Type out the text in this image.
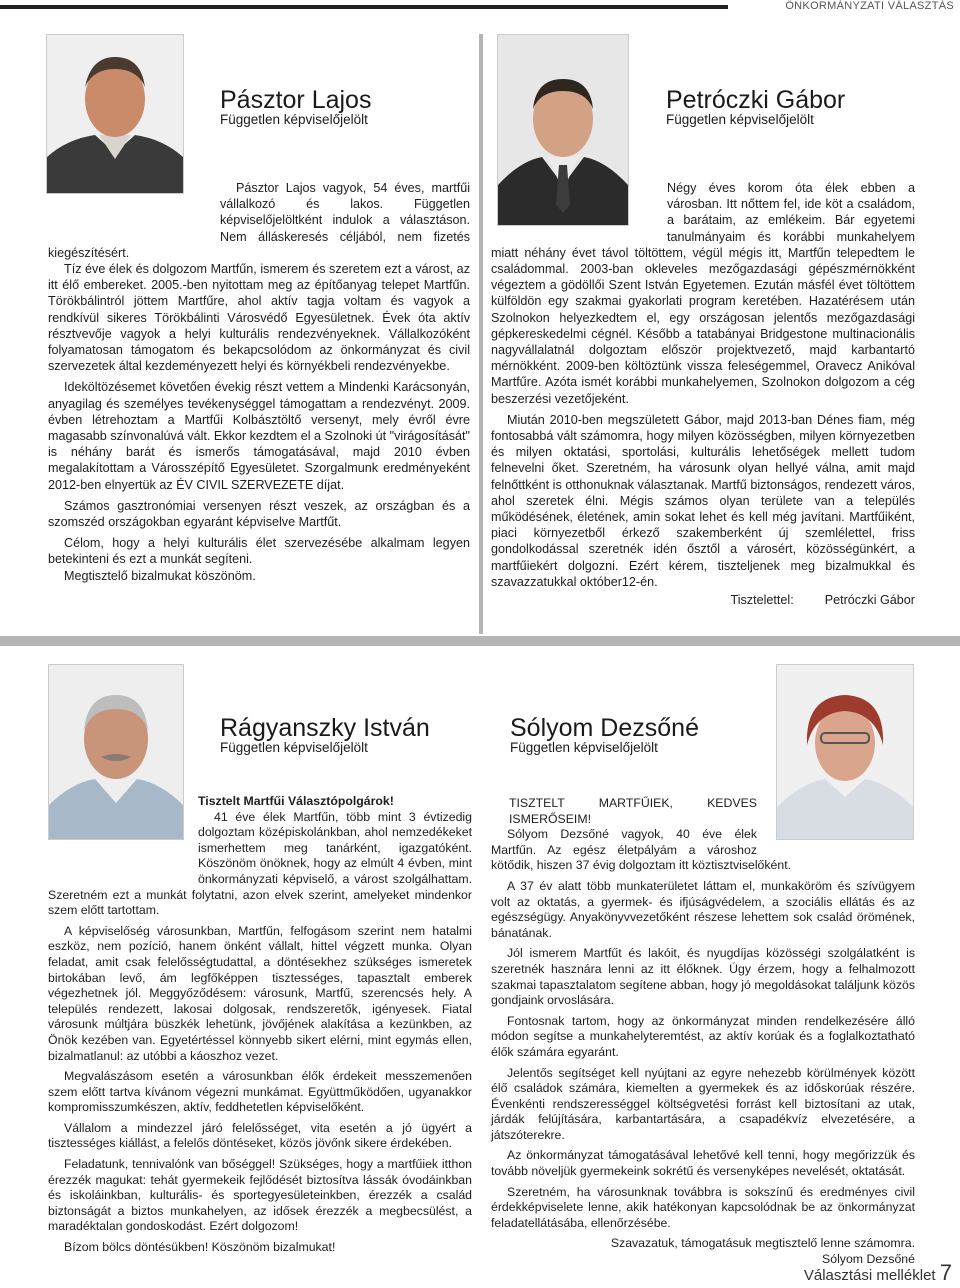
ÖNKORMÁNYZATI VÁLASZTÁS
Pásztor Lajos
Független képviselőjelölt

Pásztor Lajos vagyok, 54 éves, martfűi vállalkozó és lakos. Független képviselőjelöltként indulok a választáson. Nem álláskeresés céljából, nem fizetés kiegészítésért.

Tíz éve élek és dolgozom Martfűn, ismerem és szeretem ezt a várost, az itt élő embereket. 2005.-ben nyitottam meg az építőanyag telepet Martfűn. Törökbálintról jöttem Martfűre, ahol aktív tagja voltam és vagyok a rendkívül sikeres Törökbálinti Városvédő Egyesületnek. Évek óta aktív résztvevője vagyok a helyi kulturális rendezvényeknek. Vállalkozóként folyamatosan támogatom és bekapcsolódom az önkormányzat és civil szervezetek által kezdeményezett helyi és környékbeli rendezvényekbe.

Ideköltözésemet követően évekig részt vettem a Mindenki Karácsonyán, anyagilag és személyes tevékenységgel támogattam a rendezvényt. 2009. évben létrehoztam a Martfűi Kolbásztöltő versenyt, mely évről évre magasabb színvonalúvá vált. Ekkor kezdtem el a Szolnoki út "virágosítását" is néhány barát és ismerős támogatásával, majd 2010 évben megalakítottam a Városszépítő Egyesületet. Szorgalmunk eredményeként 2012-ben elnyertük az ÉV CIVIL SZERVEZETE díjat.

Számos gasztronómiai versenyen részt veszek, az országban és a szomszéd országokban egyaránt képviselve Martfűt.

Célom, hogy a helyi kulturális élet szervezésébe alkalmam legyen betekinteni és ezt a munkát segíteni.

Megtisztelő bizalmukat köszönöm.

Petróczki Gábor
Független képviselőjelölt

Négy éves korom óta élek ebben a városban. Itt nőttem fel, ide köt a családom, a barátaim, az emlékeim. Bár egyetemi tanulmányaim és korábbi munkahelyem miatt néhány évet távol töltöttem, végül mégis itt, Martfűn telepedtem le családommal. 2003-ban okleveles mezőgazdasági gépészmérnökként végeztem a gödöllői Szent István Egyetemen. Ezután másfél évet töltöttem külföldön egy szakmai gyakorlati program keretében. Hazatérésem után Szolnokon helyezkedtem el, egy országosan jelentős mezőgazdasági gépkereskedelmi cégnél. Később a tatabányai Bridgestone multinacionális nagyvállalatnál dolgoztam először projektvezető, majd karbantartó mérnökként. 2009-ben költöztünk vissza feleségemmel, Oravecz Anikóval Martfűre. Azóta ismét korábbi munkahelyemen, Szolnokon dolgozom a cég beszerzési vezetőjeként.

Miután 2010-ben megszületett Gábor, majd 2013-ban Dénes fiam, még fontosabbá vált számomra, hogy milyen közösségben, milyen környezetben és milyen oktatási, sportolási, kulturális lehetőségek mellett tudom felnevelni őket. Szeretném, ha városunk olyan hellyé válna, amit majd felnőttként is otthonuknak választanak. Martfű biztonságos, rendezett város, ahol szeretek élni. Mégis számos olyan területe van a település működésének, életének, amin sokat lehet és kell még javítani. Martfűiként, piaci környezetből érkező szakemberként új szemlélettel, friss gondolkodással szeretnék idén ősztől a városért, közösségünkért, a martfűiekért dolgozni. Ezért kérem, tiszteljenek meg bizalmukkal és szavazzatukkal október12-én.

Tisztelettel: Petróczki Gábor
Rágyanszky István
Független képviselőjelölt

Tisztelt Martfűi Választópolgárok!

41 éve élek Martfűn, több mint 3 évtizedig dolgoztam középiskolánkban, ahol nemzedékeket ismerhettem meg tanárként, igazgatóként. Köszönöm önöknek, hogy az elmúlt 4 évben, mint önkormányzati képviselő, a várost szolgálhattam. Szeretném ezt a munkát folytatni, azon elvek szerint, amelyeket mindenkor szem előtt tartottam.

A képviselőség városunkban, Martfűn, felfogásom szerint nem hatalmi eszköz, nem pozíció, hanem önként vállalt, hittel végzett munka. Olyan feladat, amit csak felelősségtudattal, a döntésekhez szükséges ismeretek birtokában levő, ám legfőképpen tisztességes, tapasztalt emberek végezhetnek jól. Meggyőződésem: városunk, Martfű, szerencsés hely. A település rendezett, lakosai dolgosak, rendszeretők, igényesek. Fiatal városunk múltjára büszkék lehetünk, jövőjének alakítása a kezünkben, az Önök kezében van. Egyetértéssel könnyebb sikert elérni, mint egymás ellen, bizalmatlanul: az utóbbi a káoszhoz vezet.

Megvalászásom esetén a városunkban élők érdekeit messzemenően szem előtt tartva kívánom végezni munkámat. Együttműködően, ugyanakkor kompromisszumkészen, aktív, feddhetetlen képviselőként.

Vállalom a mindezzel járó felelősséget, vita esetén a jó ügyért a tisztességes kiállást, a felelős döntéseket, közös jövőnk sikere érdekében.

Feladatunk, tennivalónk van bőséggel! Szükséges, hogy a martfűiek itthon érezzék magukat: tehát gyermekeik fejlődését biztosítva lássák óvodáinkban és iskoláinkban, kulturális- és sportegyesületeinkben, érezzék a család biztonságát a biztos munkahelyen, az idősek érezzék a megbecsülést, a maradéktalan gondoskodást. Ezért dolgozom!

Bízom bölcs döntésükben! Köszönöm bizalmukat!

Sólyom Dezsőné
Független képviselőjelölt

TISZTELT MARTFŰIEK, KEDVES ISMERŐSEIM!

Sólyom Dezsőné vagyok, 40 éve élek Martfűn. Az egész életpályám a városhoz kötődik, hiszen 37 évig dolgoztam itt köztisztviselőként.

A 37 év alatt több munkaterületet láttam el, munkaköröm és szívügyem volt az oktatás, a gyermek- és ifjúságvédelem, a szociális ellátás és az egészségügy. Anyakönyvvezetőként részese lehettem sok család örömének, bánatának.

Jól ismerem Martfűt és lakóit, és nyugdíjas közösségi szolgálatként is szeretnék hasznára lenni az itt élőknek. Úgy érzem, hogy a felhalmozott szakmai tapasztalatom segítene abban, hogy jó megoldásokat találjunk közös gondjaink orvoslására.

Fontosnak tartom, hogy az önkormányzat minden rendelkezésére álló módon segítse a munkahelyteremtést, az aktív korúak és a foglalkoztatható élők számára egyaránt.

Jelentős segítséget kell nyújtani az egyre nehezebb körülmények között élő családok számára, kiemelten a gyermekek és az időskorúak részére. Évenkénti rendszerességgel költségvetési forrást kell biztosítani az utak, járdák felújítására, karbantartására, a csapadékvíz elvezetésére, a játszóterekre.

Az önkormányzat támogatásával lehetővé kell tenni, hogy megőrizzük és tovább növeljük gyermekeink sokrétű és versenyképes nevelését, oktatását.

Szeretném, ha városunknak továbbra is sokszínű és eredményes civil érdekképviselete lenne, akik hatékonyan kapcsolódnak be az önkormányzat feladatellátásába, ellenőrzésébe.

Szavazatuk, támogatásuk megtisztelő lenne számomra.

Sólyom Dezsőné

Választási melléklet 7
